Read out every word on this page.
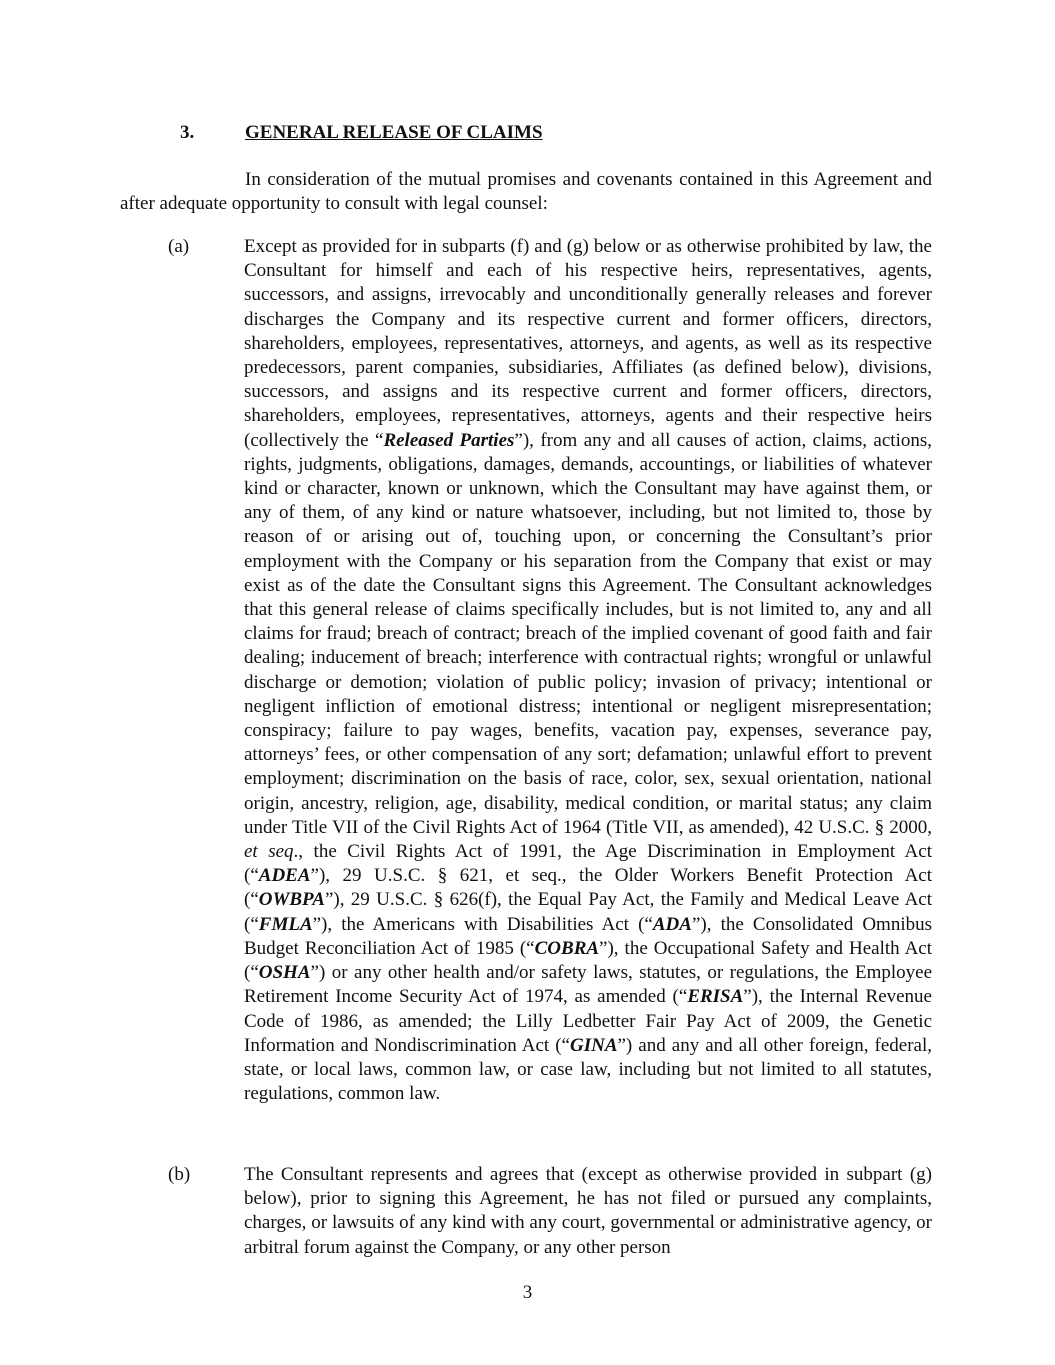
3.	GENERAL RELEASE OF CLAIMS

In consideration of the mutual promises and covenants contained in this Agreement and after adequate opportunity to consult with legal counsel:

(a)	Except as provided for in subparts (f) and (g) below or as otherwise prohibited by law, the Consultant for himself and each of his respective heirs, representatives, agents, successors, and assigns, irrevocably and unconditionally generally releases and forever discharges the Company and its respective current and former officers, directors, shareholders, employees, representatives, attorneys, and agents, as well as its respective predecessors, parent companies, subsidiaries, Affiliates (as defined below), divisions, successors, and assigns and its respective current and former officers, directors, shareholders, employees, representatives, attorneys, agents and their respective heirs (collectively the “Released Parties”), from any and all causes of action, claims, actions, rights, judgments, obligations, damages, demands, accountings, or liabilities of whatever kind or character, known or unknown, which the Consultant may have against them, or any of them, of any kind or nature whatsoever, including, but not limited to, those by reason of or arising out of, touching upon, or concerning the Consultant’s prior employment with the Company or his separation from the Company that exist or may exist as of the date the Consultant signs this Agreement. The Consultant acknowledges that this general release of claims specifically includes, but is not limited to, any and all claims for fraud; breach of contract; breach of the implied covenant of good faith and fair dealing; inducement of breach; interference with contractual rights; wrongful or unlawful discharge or demotion; violation of public policy; invasion of privacy; intentional or negligent infliction of emotional distress; intentional or negligent misrepresentation; conspiracy; failure to pay wages, benefits, vacation pay, expenses, severance pay, attorneys’ fees, or other compensation of any sort; defamation; unlawful effort to prevent employment; discrimination on the basis of race, color, sex, sexual orientation, national origin, ancestry, religion, age, disability, medical condition, or marital status; any claim under Title VII of the Civil Rights Act of 1964 (Title VII, as amended), 42 U.S.C. § 2000, et seq., the Civil Rights Act of 1991, the Age Discrimination in Employment Act (“ADEA”), 29 U.S.C. § 621, et seq., the Older Workers Benefit Protection Act (“OWBPA”), 29 U.S.C. § 626(f), the Equal Pay Act, the Family and Medical Leave Act (“FMLA”), the Americans with Disabilities Act (“ADA”), the Consolidated Omnibus Budget Reconciliation Act of 1985 (“COBRA”), the Occupational Safety and Health Act (“OSHA”) or any other health and/or safety laws, statutes, or regulations, the Employee Retirement Income Security Act of 1974, as amended (“ERISA”), the Internal Revenue Code of 1986, as amended; the Lilly Ledbetter Fair Pay Act of 2009, the Genetic Information and Nondiscrimination Act (“GINA”) and any and all other foreign, federal, state, or local laws, common law, or case law, including but not limited to all statutes, regulations, common law.

(b)	The Consultant represents and agrees that (except as otherwise provided in subpart (g) below), prior to signing this Agreement, he has not filed or pursued any complaints, charges, or lawsuits of any kind with any court, governmental or administrative agency, or arbitral forum against the Company, or any other person

3
